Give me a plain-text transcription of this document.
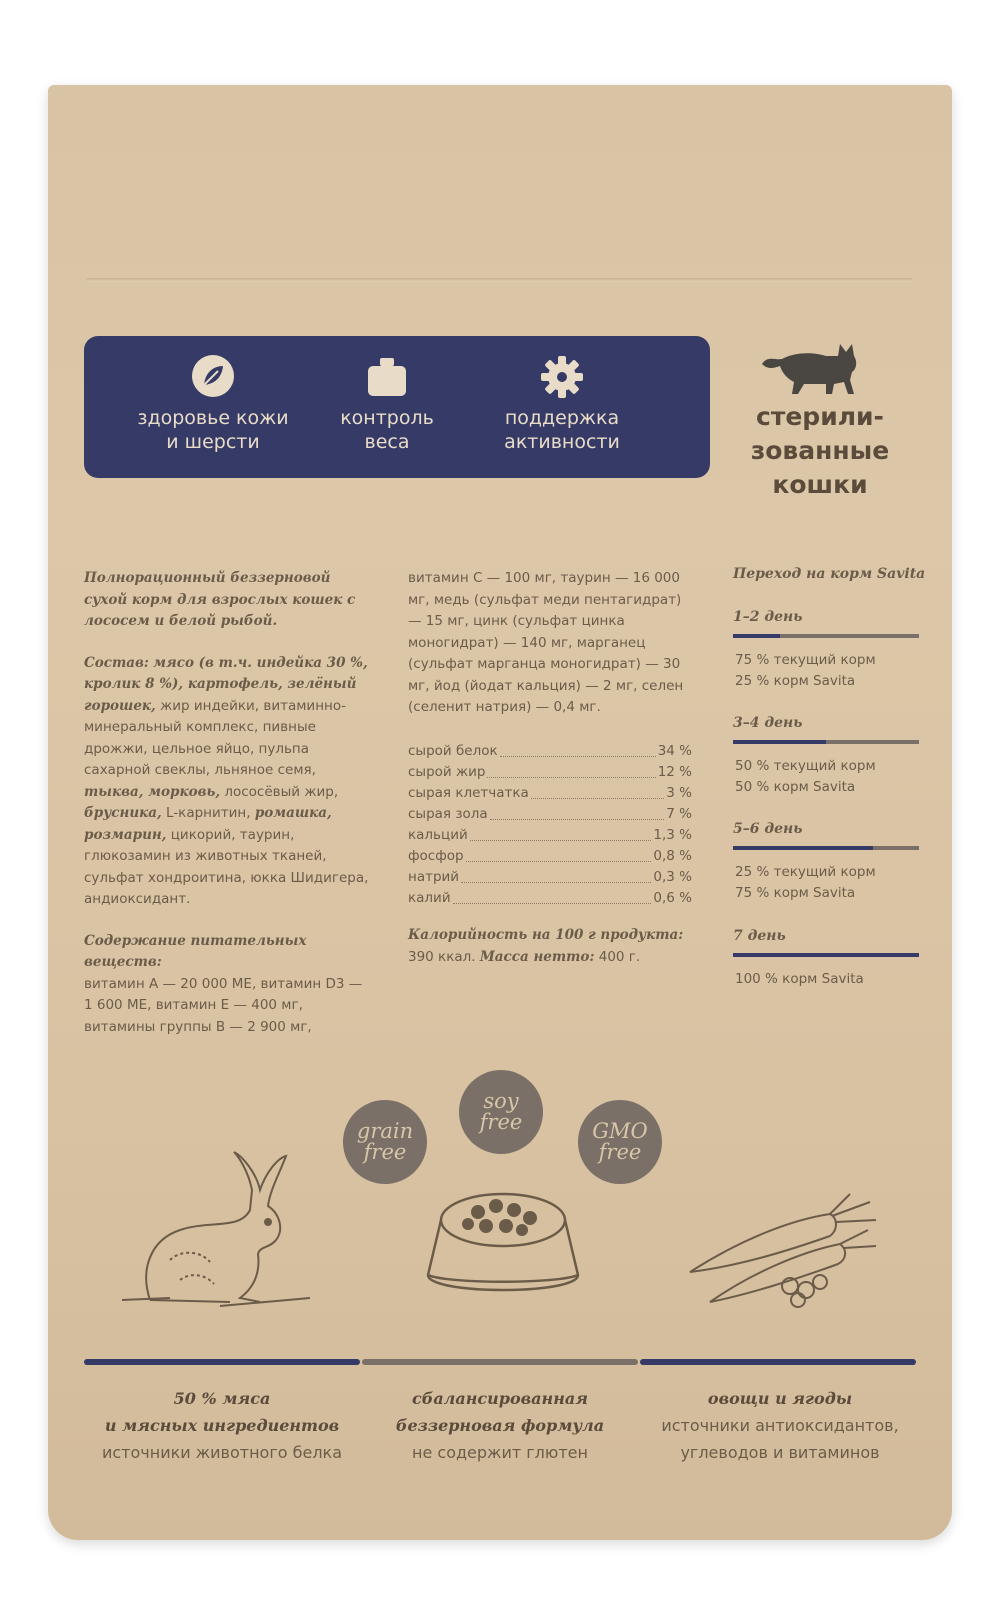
здоровье кожи
и шерсти
контроль
веса
поддержка
активности
стерили-
зованные
кошки
Полнорационный беззерновой сухой корм для взрослых кошек с лососем и белой рыбой.
Состав: мясо (в т.ч. индейка 30 %, кролик 8 %), картофель, зелёный горошек, жир индейки, витаминно-минеральный комплекс, пивные дрожжи, цельное яйцо, пульпа сахарной свеклы, льняное семя, тыква, морковь, лососёвый жир, брусника, L-карнитин, ромашка, розмарин, цикорий, таурин, глюкозамин из животных тканей, сульфат хондроитина, юкка Шидигера, андиоксидант.
Содержание питательных веществ:
витамин А — 20 000 МЕ, витамин D3 — 1 600 МЕ, витамин Е — 400 мг, витамины группы В — 2 900 мг,
витамин С — 100 мг, таурин — 16 000 мг, медь (сульфат меди пентагидрат) — 15 мг, цинк (сульфат цинка моногидрат) — 140 мг, марганец (сульфат марганца моногидрат) — 30 мг, йод (йодат кальция) — 2 мг, селен (селенит натрия) — 0,4 мг.
сырой белок	34 %
сырой жир	12 %
сырая клетчатка	3 %
сырая зола	7 %
кальций	1,3 %
фосфор	0,8 %
натрий	0,3 %
калий	0,6 %
Калорийность на 100 г продукта: 390 ккал. Масса нетто: 400 г.
Переход на корм Savita
1–2 день
75 % текущий корм
25 % корм Savita
3–4 день
50 % текущий корм
50 % корм Savita
5–6 день
25 % текущий корм
75 % корм Savita
7 день
100 % корм Savita
grain
free
soy
free	GMO
free
50 % мяса
и мясных ингредиентов
источники животного белка
сбалансированная
беззерновая формула
не содержит глютен
овощи и ягоды
источники антиоксидантов,
углеводов и витаминов
